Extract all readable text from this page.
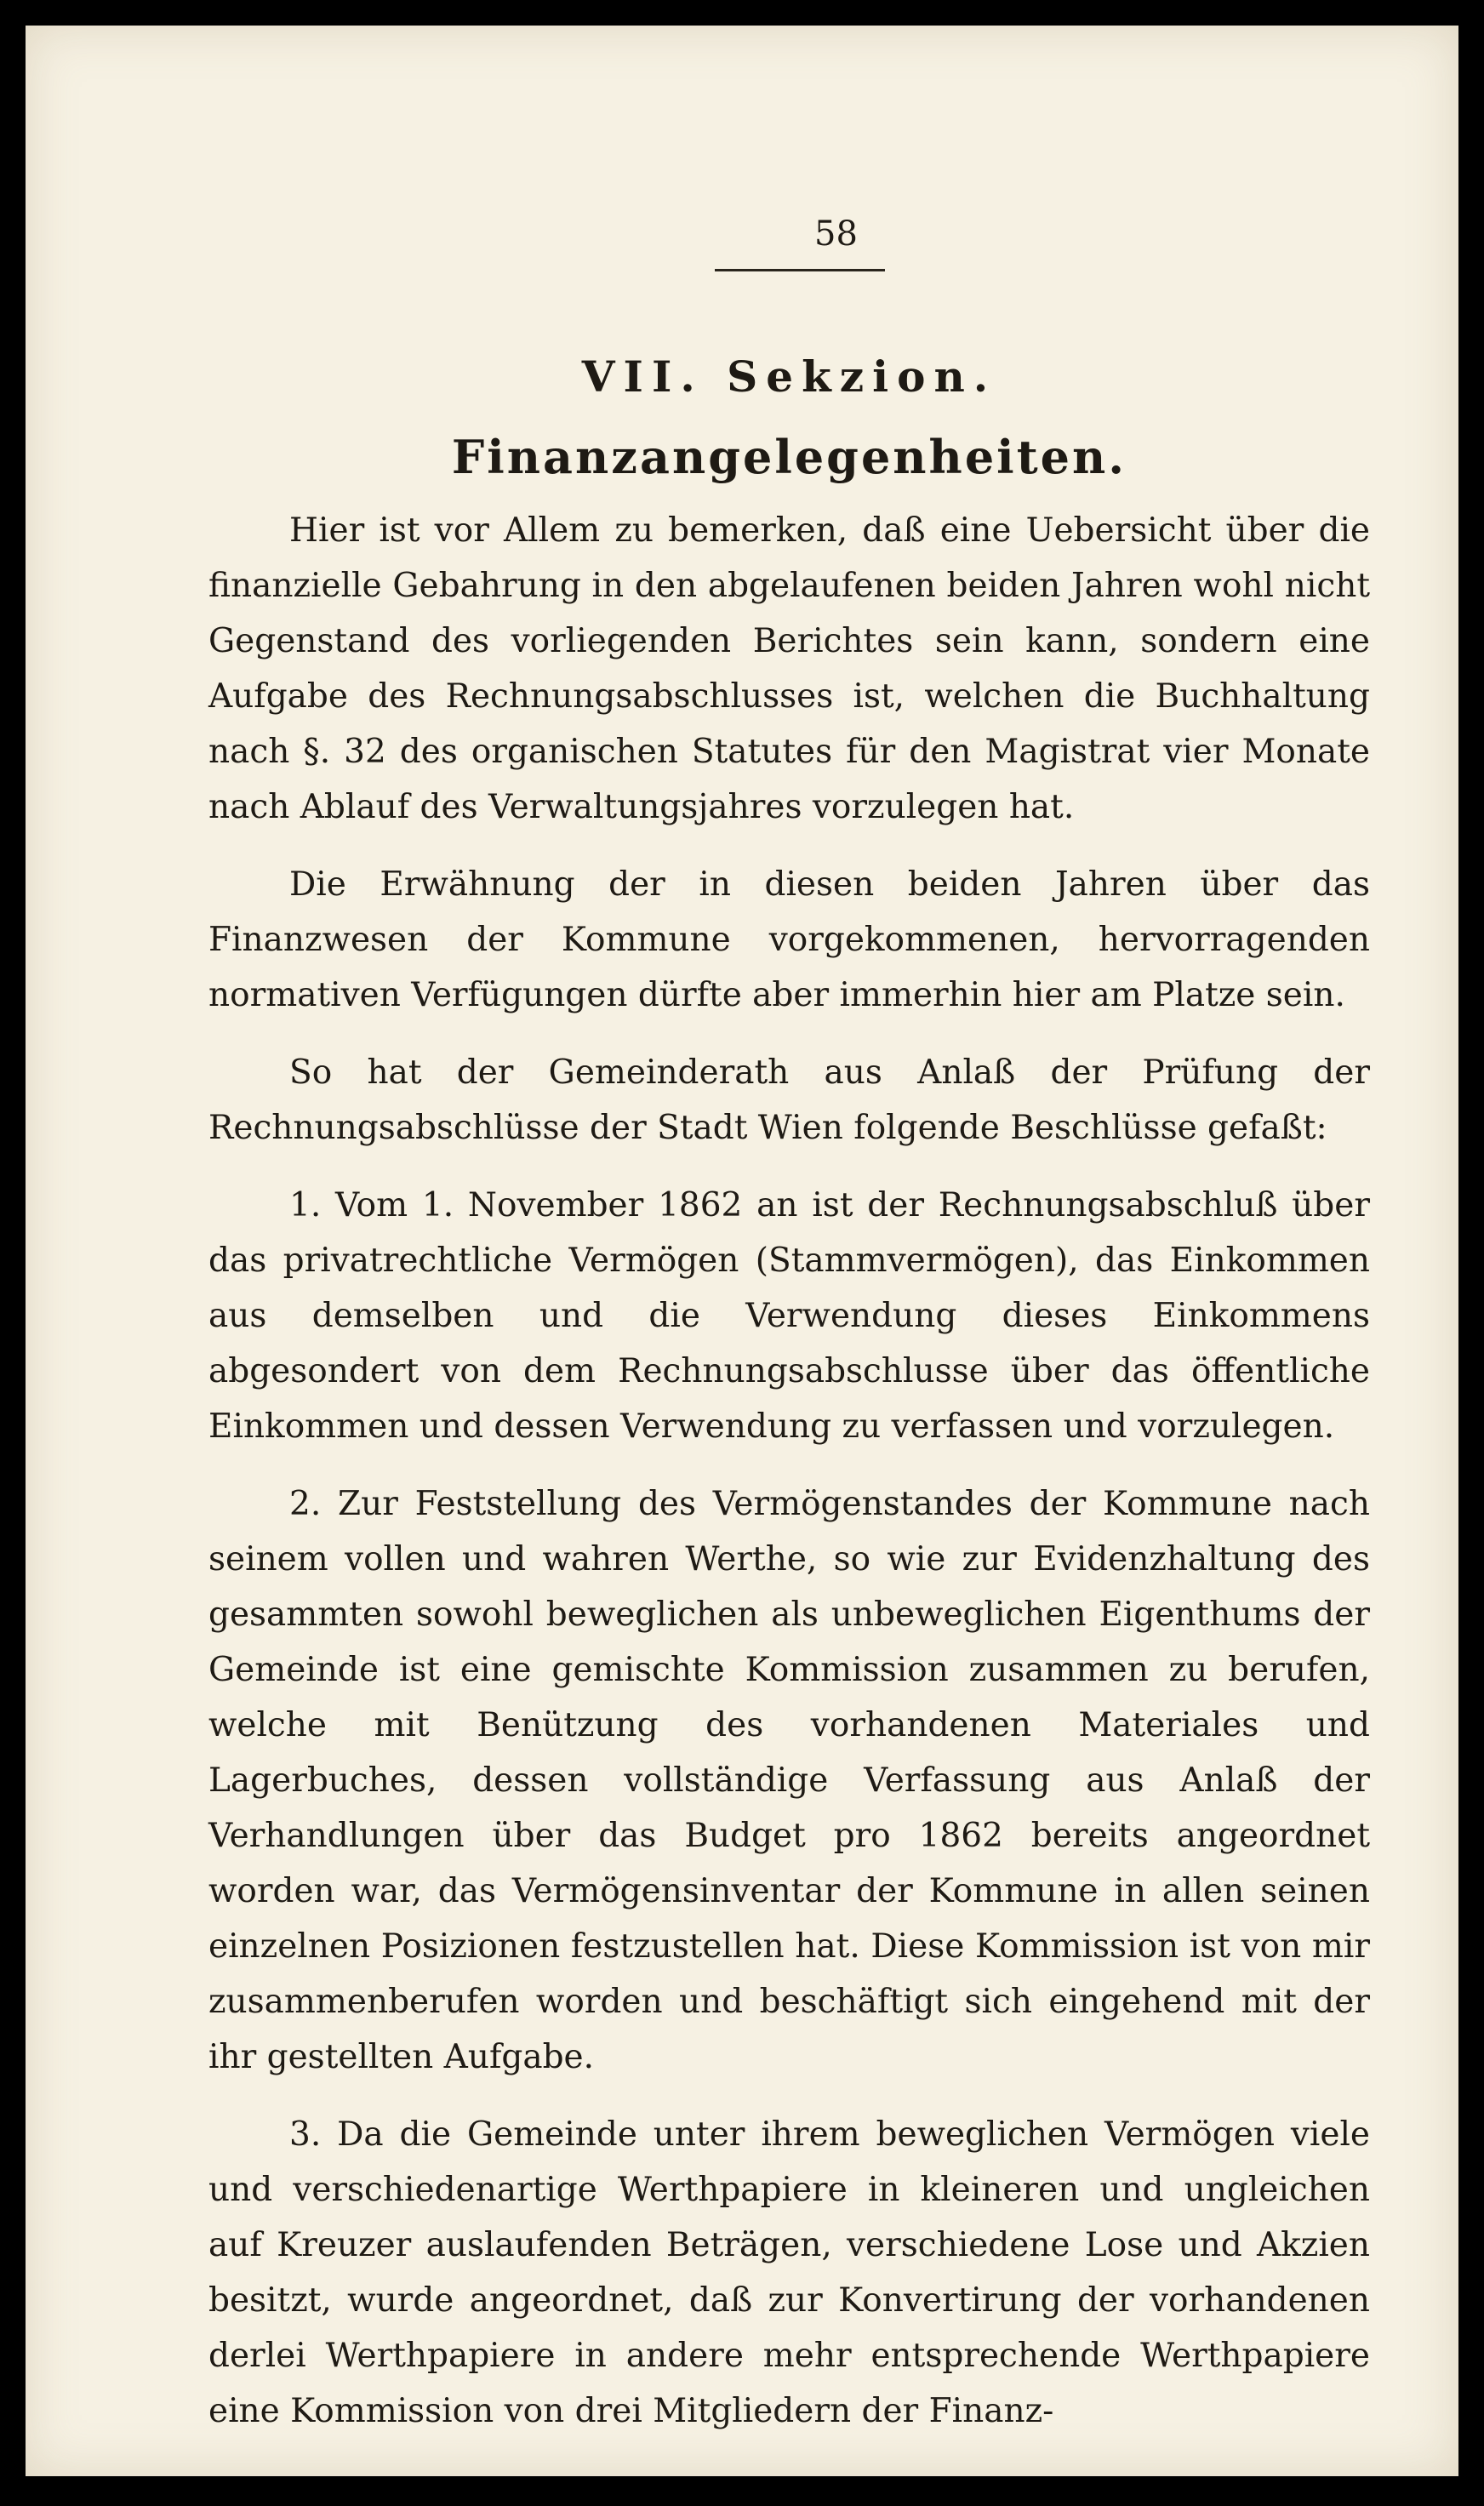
58

VII. Sekzion.
Finanzangelegenheiten.

Hier ist vor Allem zu bemerken, daß eine Uebersicht über die finanzielle Gebahrung in den abgelaufenen beiden Jahren wohl nicht Gegenstand des vorliegenden Berichtes sein kann, sondern eine Aufgabe des Rechnungsabschlusses ist, welchen die Buchhaltung nach §. 32 des organischen Statutes für den Magistrat vier Monate nach Ablauf des Verwaltungsjahres vorzulegen hat.

Die Erwähnung der in diesen beiden Jahren über das Finanzwesen der Kommune vorgekommenen, hervorragenden normativen Verfügungen dürfte aber immerhin hier am Platze sein.

So hat der Gemeinderath aus Anlaß der Prüfung der Rechnungsabschlüsse der Stadt Wien folgende Beschlüsse gefaßt:

1. Vom 1. November 1862 an ist der Rechnungsabschluß über das privatrechtliche Vermögen (Stammvermögen), das Einkommen aus demselben und die Verwendung dieses Einkommens abgesondert von dem Rechnungsabschlusse über das öffentliche Einkommen und dessen Verwendung zu verfassen und vorzulegen.

2. Zur Feststellung des Vermögenstandes der Kommune nach seinem vollen und wahren Werthe, so wie zur Evidenzhaltung des gesammten sowohl beweglichen als unbeweglichen Eigenthums der Gemeinde ist eine gemischte Kommission zusammen zu berufen, welche mit Benützung des vorhandenen Materiales und Lagerbuches, dessen vollständige Verfassung aus Anlaß der Verhandlungen über das Budget pro 1862 bereits angeordnet worden war, das Vermögensinventar der Kommune in allen seinen einzelnen Posizionen festzustellen hat. Diese Kommission ist von mir zusammenberufen worden und beschäftigt sich eingehend mit der ihr gestellten Aufgabe.

3. Da die Gemeinde unter ihrem beweglichen Vermögen viele und verschiedenartige Werthpapiere in kleineren und ungleichen auf Kreuzer auslaufenden Beträgen, verschiedene Lose und Akzien besitzt, wurde angeordnet, daß zur Konvertirung der vorhandenen derlei Werthpapiere in andere mehr entsprechende Werthpapiere eine Kommission von drei Mitgliedern der Finanz-
